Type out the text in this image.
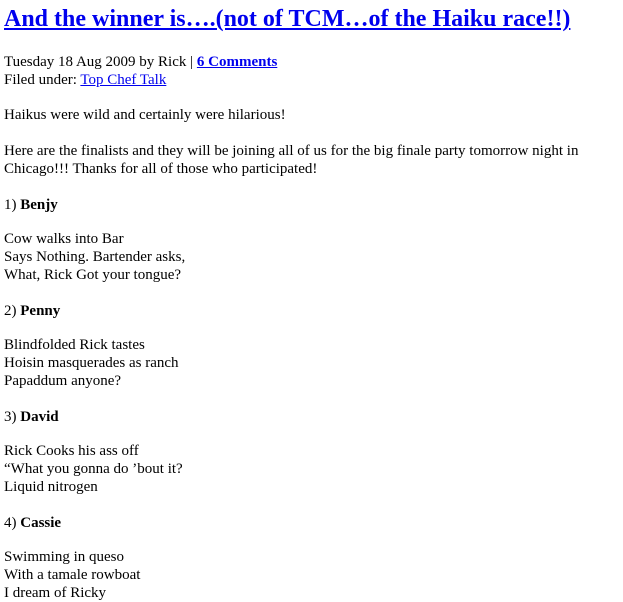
And the winner is….(not of TCM…of the Haiku race!!)
Tuesday 18 Aug 2009 by Rick | 6 Comments
Filed under: Top Chef Talk

Haikus were wild and certainly were hilarious!

Here are the finalists and they will be joining all of us for the big finale party tomorrow night in Chicago!!! Thanks for all of those who participated!

1) Benjy

Cow walks into Bar
Says Nothing. Bartender asks,
What, Rick Got your tongue?

2) Penny

Blindfolded Rick tastes
Hoisin masquerades as ranch
Papaddum anyone?

3) David

Rick Cooks his ass off
“What you gonna do ’bout it?
Liquid nitrogen

4) Cassie

Swimming in queso
With a tamale rowboat
I dream of Ricky
